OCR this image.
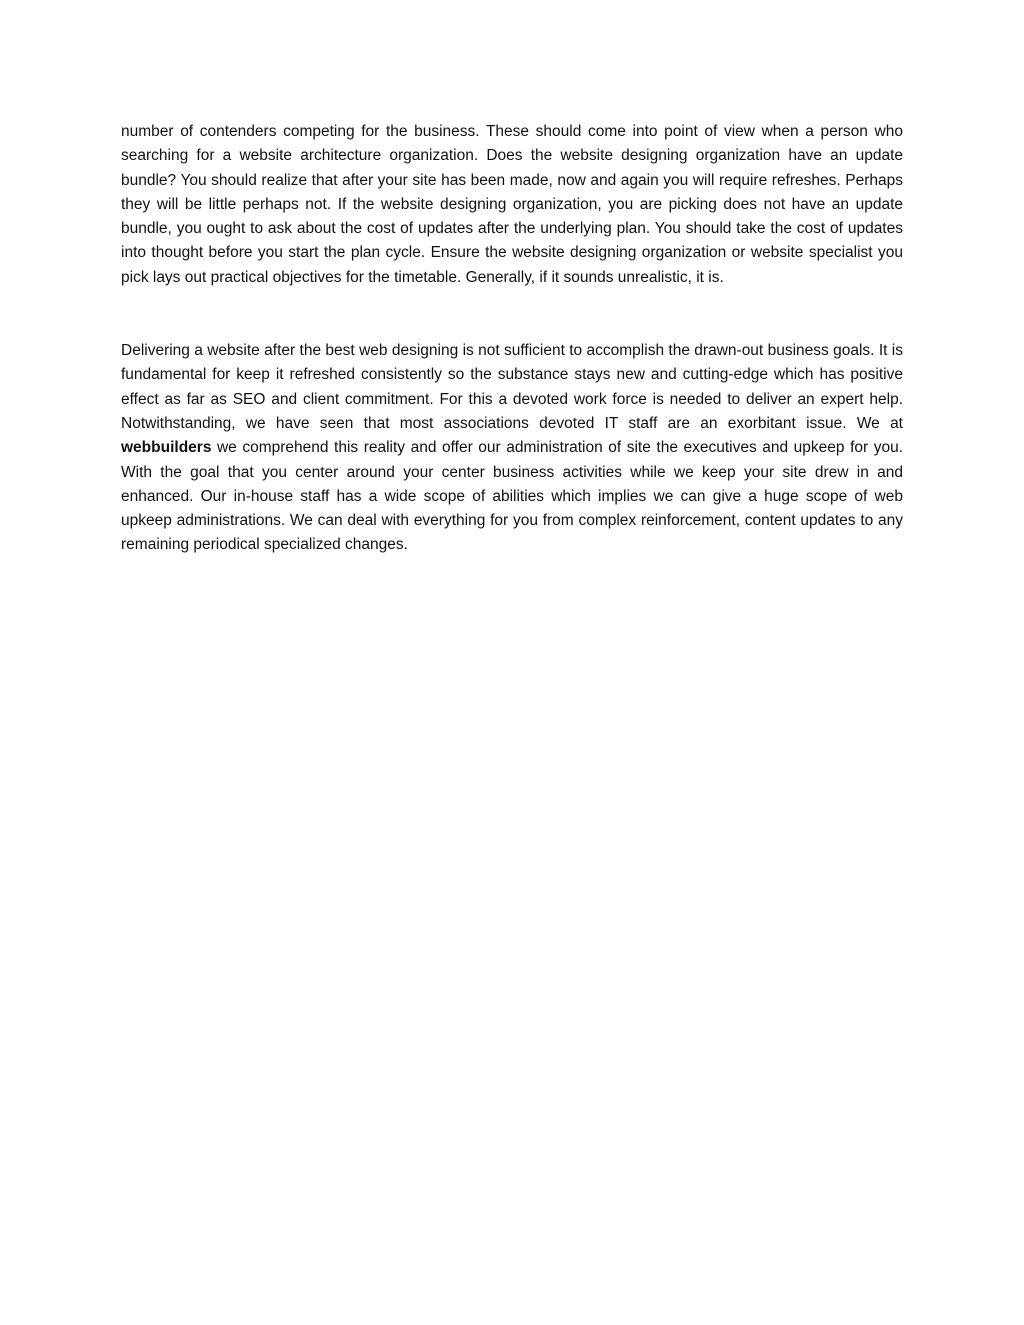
number of contenders competing for the business. These should come into point of view when a person who searching for a website architecture organization. Does the website designing organization have an update bundle? You should realize that after your site has been made, now and again you will require refreshes. Perhaps they will be little perhaps not. If the website designing organization, you are picking does not have an update bundle, you ought to ask about the cost of updates after the underlying plan. You should take the cost of updates into thought before you start the plan cycle. Ensure the website designing organization or website specialist you pick lays out practical objectives for the timetable. Generally, if it sounds unrealistic, it is.

Delivering a website after the best web designing is not sufficient to accomplish the drawn-out business goals. It is fundamental for keep it refreshed consistently so the substance stays new and cutting-edge which has positive effect as far as SEO and client commitment. For this a devoted work force is needed to deliver an expert help. Notwithstanding, we have seen that most associations devoted IT staff are an exorbitant issue. We at webbuilders we comprehend this reality and offer our administration of site the executives and upkeep for you. With the goal that you center around your center business activities while we keep your site drew in and enhanced. Our in-house staff has a wide scope of abilities which implies we can give a huge scope of web upkeep administrations. We can deal with everything for you from complex reinforcement, content updates to any remaining periodical specialized changes.
